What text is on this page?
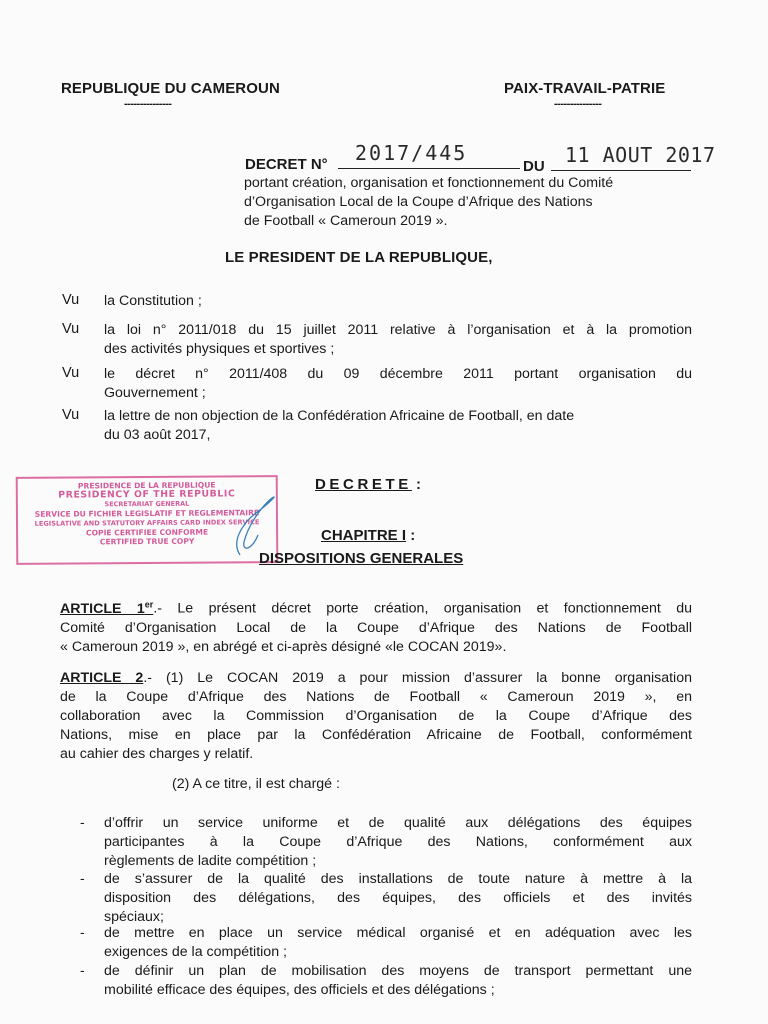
REPUBLIQUE DU CAMEROUN
---------------
PAIX-TRAVAIL-PATRIE
---------------
DECRET N° 2017/445
DU 11 AOUT 2017
portant création, organisation et fonctionnement du Comité
d’Organisation Local de la Coupe d’Afrique des Nations
de Football « Cameroun 2019 ».
LE PRESIDENT DE LA REPUBLIQUE,
Vu la Constitution ;
Vu la loi n° 2011/018 du 15 juillet 2011 relative à l’organisation et à la promotion
des activités physiques et sportives ;
Vu le décret n° 2011/408 du 09 décembre 2011 portant organisation du
Gouvernement ;
Vu la lettre de non objection de la Confédération Africaine de Football, en date
du 03 août 2017,
PRESIDENCE DE LA REPUBLIQUE
PRESIDENCY OF THE REPUBLIC
SECRETARIAT GENERAL
SERVICE DU FICHIER LEGISLATIF ET REGLEMENTAIRE
LEGISLATIVE AND STATUTORY AFFAIRS CARD INDEX SERVICE
COPIE CERTIFIEE CONFORME
CERTIFIED TRUE COPY
DECRETE :
CHAPITRE I :
DISPOSITIONS GENERALES
ARTICLE 1er.- Le présent décret porte création, organisation et fonctionnement du
Comité d’Organisation Local de la Coupe d’Afrique des Nations de Football
« Cameroun 2019 », en abrégé et ci-après désigné «le COCAN 2019».
ARTICLE 2.- (1) Le COCAN 2019 a pour mission d’assurer la bonne organisation
de la Coupe d’Afrique des Nations de Football « Cameroun 2019 », en
collaboration avec la Commission d’Organisation de la Coupe d’Afrique des
Nations, mise en place par la Confédération Africaine de Football, conformément
au cahier des charges y relatif.
(2) A ce titre, il est chargé :
- d’offrir un service uniforme et de qualité aux délégations des équipes
participantes à la Coupe d’Afrique des Nations, conformément aux
règlements de ladite compétition ;
- de s’assurer de la qualité des installations de toute nature à mettre à la
disposition des délégations, des équipes, des officiels et des invités
spéciaux;
- de mettre en place un service médical organisé et en adéquation avec les
exigences de la compétition ;
- de définir un plan de mobilisation des moyens de transport permettant une
mobilité efficace des équipes, des officiels et des délégations ;
